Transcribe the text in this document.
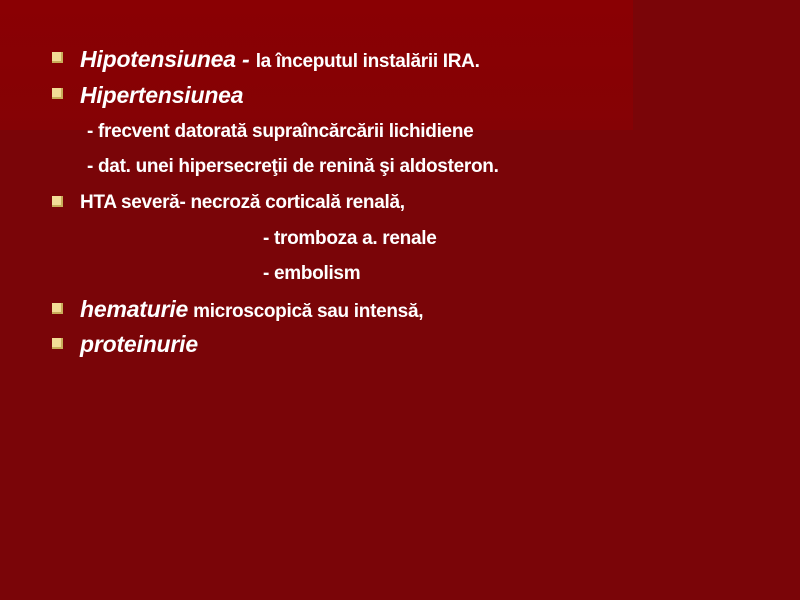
Hipotensiunea - la începutul instalării IRA.
Hipertensiunea
- frecvent datorată supraîncărcării lichidiene
- dat. unei hipersecreţii de renină şi aldosteron.
HTA severă- necroză corticală renală,
- tromboza a. renale
- embolism
hematurie microscopică sau intensă,
proteinurie
